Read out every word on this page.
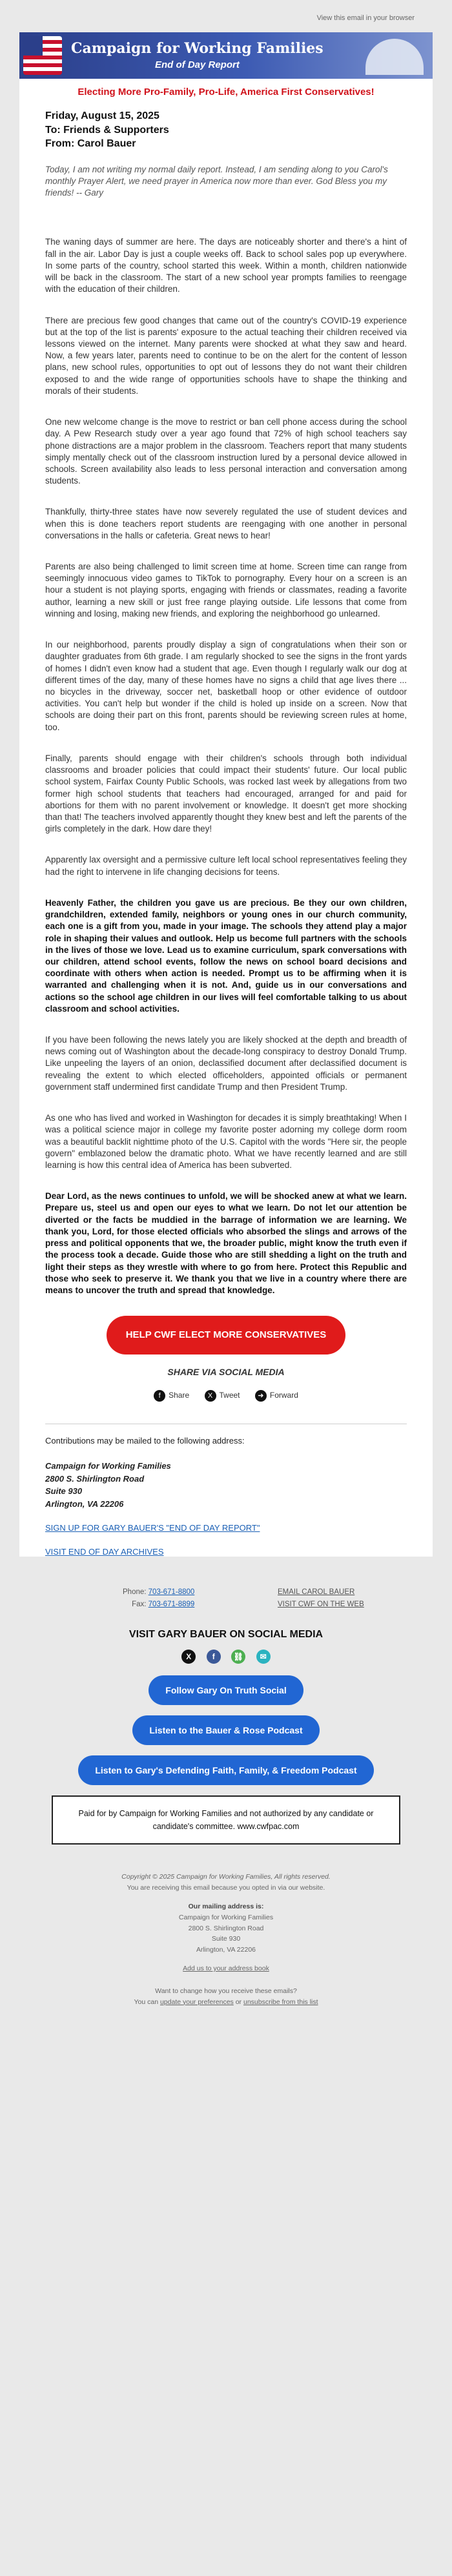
View this email in your browser
Campaign for Working Families
End of Day Report
Electing More Pro-Family, Pro-Life, America First Conservatives!
Friday, August 15, 2025
To: Friends & Supporters
From: Carol Bauer
Today, I am not writing my normal daily report. Instead, I am sending along to you Carol's monthly Prayer Alert, we need prayer in America now more than ever. God Bless you my friends! -- Gary

The waning days of summer are here. The days are noticeably shorter and there's a hint of fall in the air. Labor Day is just a couple weeks off. Back to school sales pop up everywhere. In some parts of the country, school started this week. Within a month, children nationwide will be back in the classroom. The start of a new school year prompts families to reengage with the education of their children.

There are precious few good changes that came out of the country's COVID-19 experience but at the top of the list is parents' exposure to the actual teaching their children received via lessons viewed on the internet. Many parents were shocked at what they saw and heard. Now, a few years later, parents need to continue to be on the alert for the content of lesson plans, new school rules, opportunities to opt out of lessons they do not want their children exposed to and the wide range of opportunities schools have to shape the thinking and morals of their students.

One new welcome change is the move to restrict or ban cell phone access during the school day. A Pew Research study over a year ago found that 72% of high school teachers say phone distractions are a major problem in the classroom. Teachers report that many students simply mentally check out of the classroom instruction lured by a personal device allowed in schools. Screen availability also leads to less personal interaction and conversation among students.

Thankfully, thirty-three states have now severely regulated the use of student devices and when this is done teachers report students are reengaging with one another in personal conversations in the halls or cafeteria. Great news to hear!

Parents are also being challenged to limit screen time at home. Screen time can range from seemingly innocuous video games to TikTok to pornography. Every hour on a screen is an hour a student is not playing sports, engaging with friends or classmates, reading a favorite author, learning a new skill or just free range playing outside. Life lessons that come from winning and losing, making new friends, and exploring the neighborhood go unlearned.

In our neighborhood, parents proudly display a sign of congratulations when their son or daughter graduates from 6th grade. I am regularly shocked to see the signs in the front yards of homes I didn't even know had a student that age. Even though I regularly walk our dog at different times of the day, many of these homes have no signs a child that age lives there ... no bicycles in the driveway, soccer net, basketball hoop or other evidence of outdoor activities. You can't help but wonder if the child is holed up inside on a screen. Now that schools are doing their part on this front, parents should be reviewing screen rules at home, too.

Finally, parents should engage with their children's schools through both individual classrooms and broader policies that could impact their students' future. Our local public school system, Fairfax County Public Schools, was rocked last week by allegations from two former high school students that teachers had encouraged, arranged for and paid for abortions for them with no parent involvement or knowledge. It doesn't get more shocking than that! The teachers involved apparently thought they knew best and left the parents of the girls completely in the dark. How dare they!

Apparently lax oversight and a permissive culture left local school representatives feeling they had the right to intervene in life changing decisions for teens.

Heavenly Father, the children you gave us are precious. Be they our own children, grandchildren, extended family, neighbors or young ones in our church community, each one is a gift from you, made in your image. The schools they attend play a major role in shaping their values and outlook. Help us become full partners with the schools in the lives of those we love. Lead us to examine curriculum, spark conversations with our children, attend school events, follow the news on school board decisions and coordinate with others when action is needed. Prompt us to be affirming when it is warranted and challenging when it is not. And, guide us in our conversations and actions so the school age children in our lives will feel comfortable talking to us about classroom and school activities.

If you have been following the news lately you are likely shocked at the depth and breadth of news coming out of Washington about the decade-long conspiracy to destroy Donald Trump. Like unpeeling the layers of an onion, declassified document after declassified document is revealing the extent to which elected officeholders, appointed officials or permanent government staff undermined first candidate Trump and then President Trump.

As one who has lived and worked in Washington for decades it is simply breathtaking! When I was a political science major in college my favorite poster adorning my college dorm room was a beautiful backlit nighttime photo of the U.S. Capitol with the words "Here sir, the people govern" emblazoned below the dramatic photo. What we have recently learned and are still learning is how this central idea of America has been subverted.

Dear Lord, as the news continues to unfold, we will be shocked anew at what we learn. Prepare us, steel us and open our eyes to what we learn. Do not let our attention be diverted or the facts be muddied in the barrage of information we are learning. We thank you, Lord, for those elected officials who absorbed the slings and arrows of the press and political opponents that we, the broader public, might know the truth even if the process took a decade. Guide those who are still shedding a light on the truth and light their steps as they wrestle with where to go from here. Protect this Republic and those who seek to preserve it. We thank you that we live in a country where there are means to uncover the truth and spread that knowledge.

HELP CWF ELECT MORE CONSERVATIVES
SHARE VIA SOCIAL MEDIA
f Share	X Tweet	➜ Forward
Contributions may be mailed to the following address:
Campaign for Working Families
2800 S. Shirlington Road
Suite 930
Arlington, VA 22206
SIGN UP FOR GARY BAUER'S "END OF DAY REPORT"
VISIT END OF DAY ARCHIVES
Phone: 703-671-8800
Fax: 703-671-8899
EMAIL CAROL BAUER
VISIT CWF ON THE WEB
VISIT GARY BAUER ON SOCIAL MEDIA
X	f ⛓ ✉
Follow Gary On Truth Social
Listen to the Bauer & Rose Podcast
Listen to Gary's Defending Faith, Family, & Freedom Podcast
Paid for by Campaign for Working Families and not authorized by any candidate or candidate's committee. www.cwfpac.com
Copyright © 2025 Campaign for Working Families, All rights reserved.
You are receiving this email because you opted in via our website.
Our mailing address is:
Campaign for Working Families
2800 S. Shirlington Road
Suite 930
Arlington, VA 22206
Add us to your address book
Want to change how you receive these emails?
You can update your preferences or unsubscribe from this list
